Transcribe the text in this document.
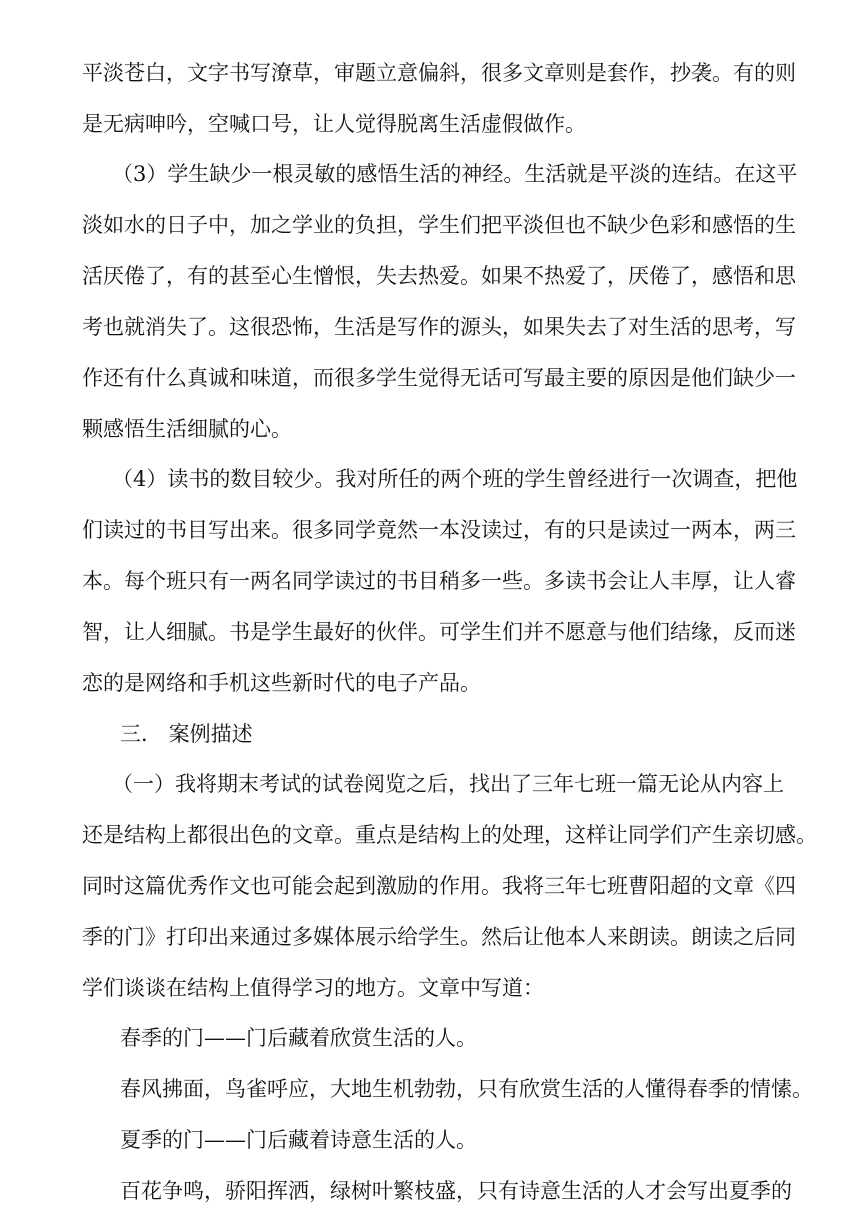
平淡苍白，文字书写潦草，审题立意偏斜，很多文章则是套作，抄袭。有的则
是无病呻吟，空喊口号，让人觉得脱离生活虚假做作。
（3）学生缺少一根灵敏的感悟生活的神经。生活就是平淡的连结。在这平
淡如水的日子中，加之学业的负担，学生们把平淡但也不缺少色彩和感悟的生
活厌倦了，有的甚至心生憎恨，失去热爱。如果不热爱了，厌倦了，感悟和思
考也就消失了。这很恐怖，生活是写作的源头，如果失去了对生活的思考，写
作还有什么真诚和味道，而很多学生觉得无话可写最主要的原因是他们缺少一
颗感悟生活细腻的心。
（4）读书的数目较少。我对所任的两个班的学生曾经进行一次调查，把他
们读过的书目写出来。很多同学竟然一本没读过，有的只是读过一两本，两三
本。每个班只有一两名同学读过的书目稍多一些。多读书会让人丰厚，让人睿
智，让人细腻。书是学生最好的伙伴。可学生们并不愿意与他们结缘，反而迷
恋的是网络和手机这些新时代的电子产品。
三． 案例描述
（一）我将期末考试的试卷阅览之后，找出了三年七班一篇无论从内容上
还是结构上都很出色的文章。重点是结构上的处理，这样让同学们产生亲切感。
同时这篇优秀作文也可能会起到激励的作用。我将三年七班曹阳超的文章《四
季的门》打印出来通过多媒体展示给学生。然后让他本人来朗读。朗读之后同
学们谈谈在结构上值得学习的地方。文章中写道：
春季的门——门后藏着欣赏生活的人。
春风拂面，鸟雀呼应，大地生机勃勃，只有欣赏生活的人懂得春季的情愫。
夏季的门——门后藏着诗意生活的人。
百花争鸣，骄阳挥洒，绿树叶繁枝盛，只有诗意生活的人才会写出夏季的
